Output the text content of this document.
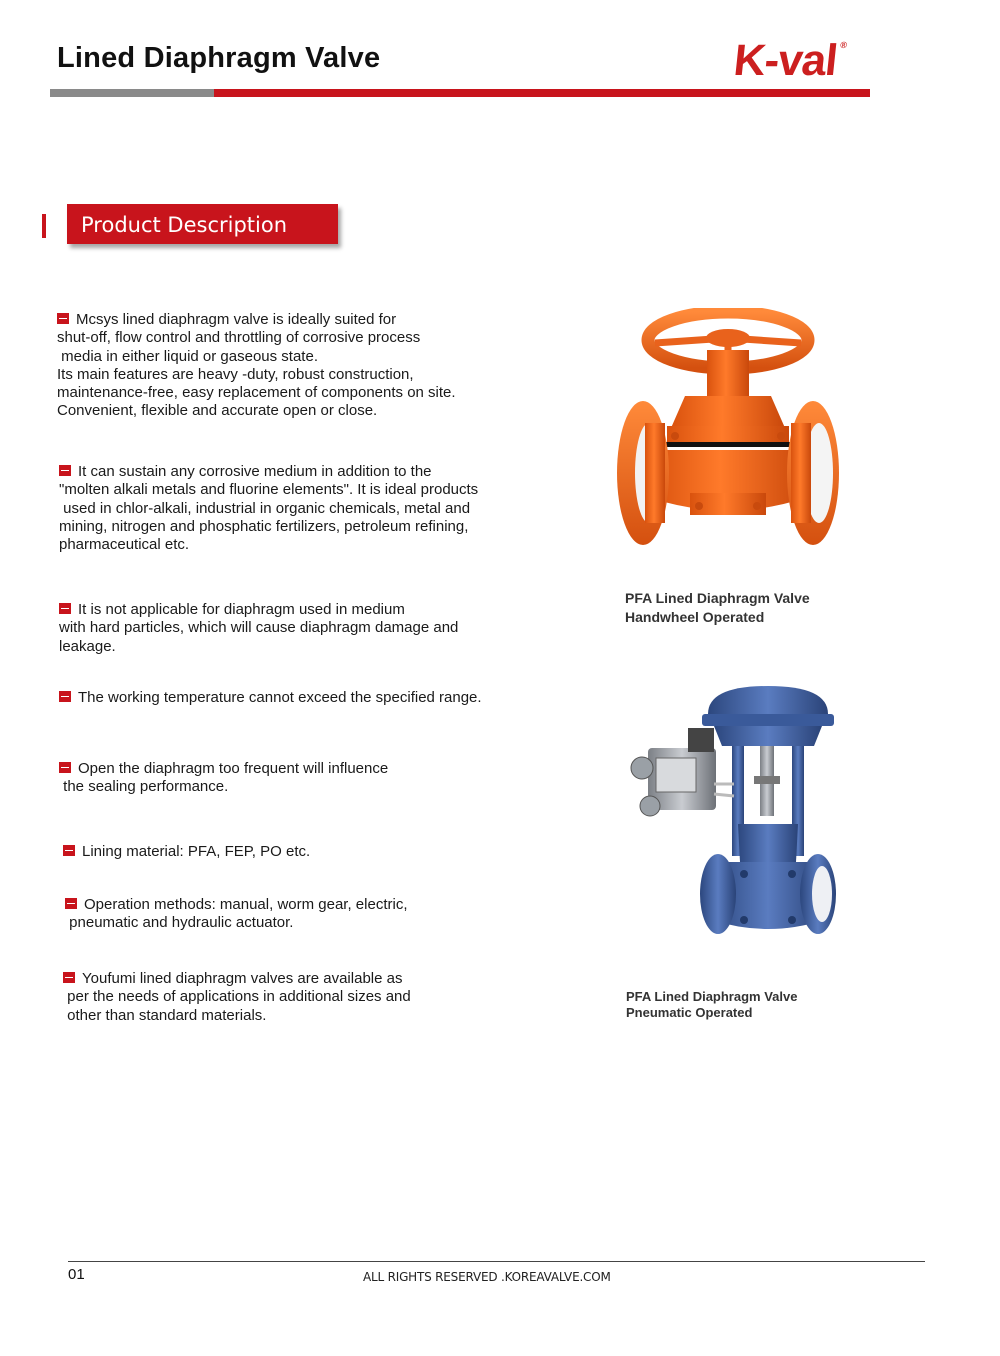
Lined Diaphragm Valve	K-val®
Product Description
Mcsys lined diaphragm valve is ideally suited for
shut-off, flow control and throttling of corrosive process
media in either liquid or gaseous state.
Its main features are heavy -duty, robust construction,
maintenance-free, easy replacement of components on site.
Convenient, flexible and accurate open or close.
It can sustain any corrosive medium in addition to the
"molten alkali metals and fluorine elements". It is ideal products
used in chlor-alkali, industrial in organic chemicals, metal and
mining, nitrogen and phosphatic fertilizers, petroleum refining,
pharmaceutical etc.
It is not applicable for diaphragm used in medium
with hard particles, which will cause diaphragm damage and
leakage.
The working temperature cannot exceed the specified range.
Open the diaphragm too frequent will influence
the sealing performance.
Lining material: PFA, FEP, PO etc.
Operation methods: manual, worm gear, electric,
pneumatic and hydraulic actuator.
Youfumi lined diaphragm valves are available as
per the needs of applications in additional sizes and
other than standard materials.
PFA Lined Diaphragm Valve
Handwheel Operated
PFA Lined Diaphragm Valve
Pneumatic Operated
01	ALL RIGHTS RESERVED .KOREAVALVE.COM
